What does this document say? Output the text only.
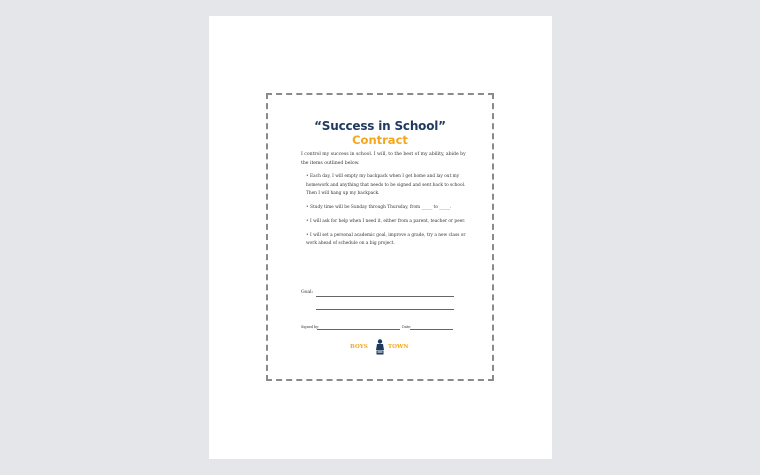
“Success in School”
Contract
I control my success in school. I will, to the best of my ability, abide by the items outlined below.
•Each day, I will empty my backpack when I get home and lay out my homework and anything that needs to be signed and sent back to school. Then I will hang up my backpack.
•Study time will be Sunday through Thursday, from _____ to _____.
•I will ask for help when I need it, either from a parent, teacher or peer.
•I will set a personal academic goal, improve a grade, try a new class or work ahead of schedule on a big project.
Goal:
Signed by:	Date:
BOYS	TOWN
